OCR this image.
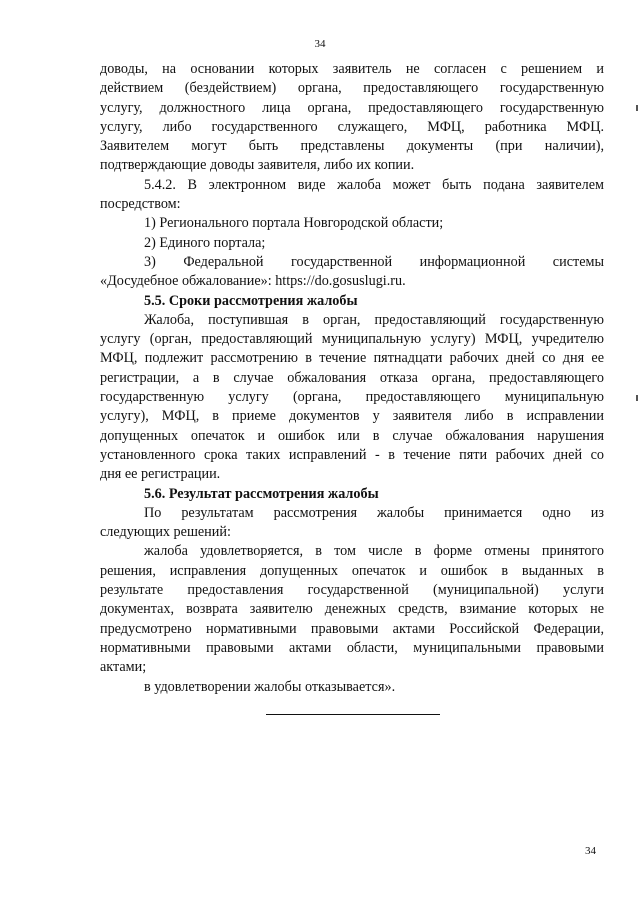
34

доводы, на основании которых заявитель не согласен с решением и

действием (бездействием) органа, предоставляющего государственную

услугу, должностного лица органа, предоставляющего государственную

услугу, либо государственного служащего, МФЦ, работника МФЦ.

Заявителем могут быть представлены документы (при наличии),

подтверждающие доводы заявителя, либо их копии.

5.4.2. В электронном виде жалоба может быть подана заявителем

посредством:

1) Регионального портала Новгородской области;

2) Единого портала;

3) Федеральной государственной информационной системы

«Досудебное обжалование»: https://do.gosuslugi.ru.

5.5. Сроки рассмотрения жалобы

Жалоба, поступившая в орган, предоставляющий государственную

услугу (орган, предоставляющий муниципальную услугу) МФЦ, учредителю

МФЦ, подлежит рассмотрению в течение пятнадцати рабочих дней со дня ее

регистрации, а в случае обжалования отказа органа, предоставляющего

государственную услугу (органа, предоставляющего муниципальную

услугу), МФЦ, в приеме документов у заявителя либо в исправлении

допущенных опечаток и ошибок или в случае обжалования нарушения

установленного срока таких исправлений - в течение пяти рабочих дней со

дня ее регистрации.

5.6. Результат рассмотрения жалобы

По результатам рассмотрения жалобы принимается одно из

следующих решений:

жалоба удовлетворяется, в том числе в форме отмены принятого

решения, исправления допущенных опечаток и ошибок в выданных в

результате предоставления государственной (муниципальной) услуги

документах, возврата заявителю денежных средств, взимание которых не

предусмотрено нормативными правовыми актами Российской Федерации,

нормативными правовыми актами области, муниципальными правовыми

актами;

в удовлетворении жалобы отказывается».

34
